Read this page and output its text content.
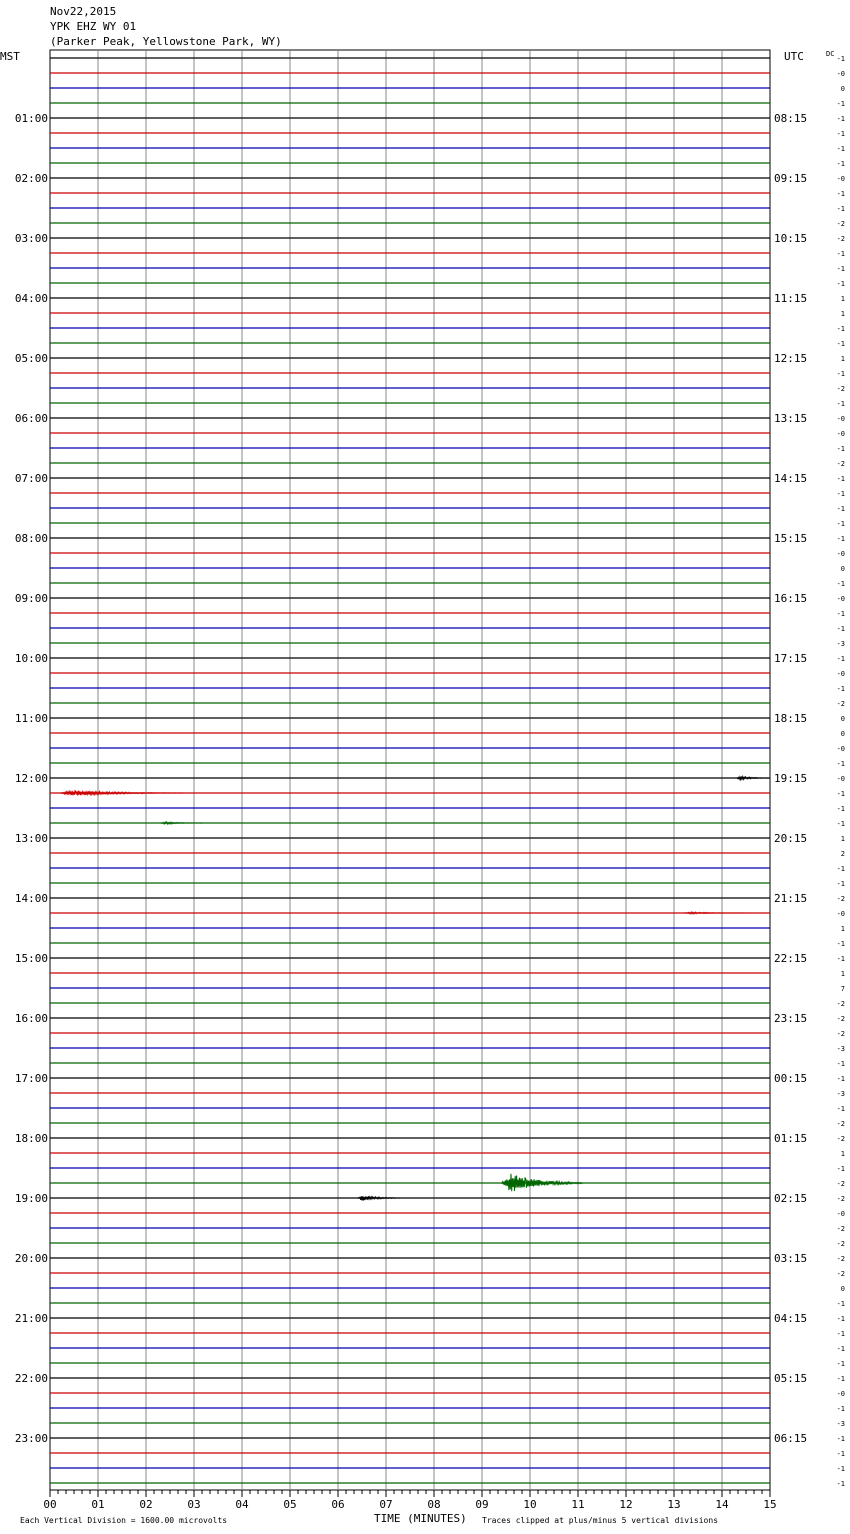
Nov22,2015
YPK EHZ WY 01
(Parker Peak, Yellowstone Park, WY)
MST	UTC	DC
01:00	08:15
02:00	09:15
03:00	10:15
04:00	11:15
05:00	12:15
06:00	13:15
07:00	14:15
08:00	15:15
09:00	16:15
10:00	17:15
11:00	18:15
12:00	19:15
13:00	20:15
14:00	21:15
15:00	22:15
16:00	23:15
17:00	00:15
18:00	01:15
19:00	02:15
20:00	03:15
21:00	04:15
22:00	05:15
23:00	06:15
-1
-0
0
-1
-1
-1
-1
-1
-0
-1
-1
-2
-2
-1
-1
-1
1
1
-1
-1
1
-1
-2
-1
-0
-0
-1
-2
-1
-1
-1
-1
-1
-0
0
-1
-0
-1
-1
-3
-1
-0
-1
-2
0
0
-0
-1
-0
-1
-1
-1
1
2
-1
-1
-2
-0
1
-1
-1
1
7
-2
-2
-2
-3
-1
-1
-3
-1
-2
-2
1
-1
-2
-2
-0
-2
-2
-2
-2
0
-1
-1
-1
-1
-1
-1
-0
-1
-3
-1
-1
-1
-1
00	01	02	03	04	05	06	07	08	09	10	11	12	13	14	15
TIME (MINUTES)
Each Vertical Division = 1600.00 microvolts	Traces clipped at plus/minus 5 vertical divisions
